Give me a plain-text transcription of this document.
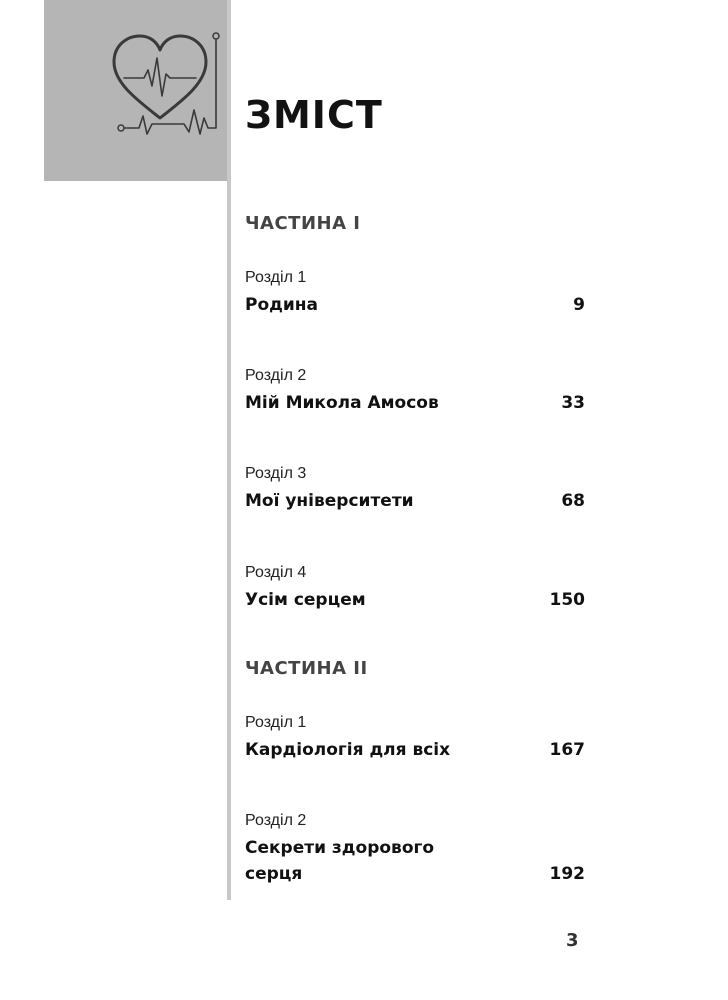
ЗМІСТ
ЧАСТИНА I
Розділ 1
Родина	9
Розділ 2
Мій Микола Амосов	33
Розділ 3
Мої університети	68
Розділ 4
Усім серцем	150
ЧАСТИНА II
Розділ 1
Кардіологія для всіх	167
Розділ 2
Секрети здорового серця	192
3
